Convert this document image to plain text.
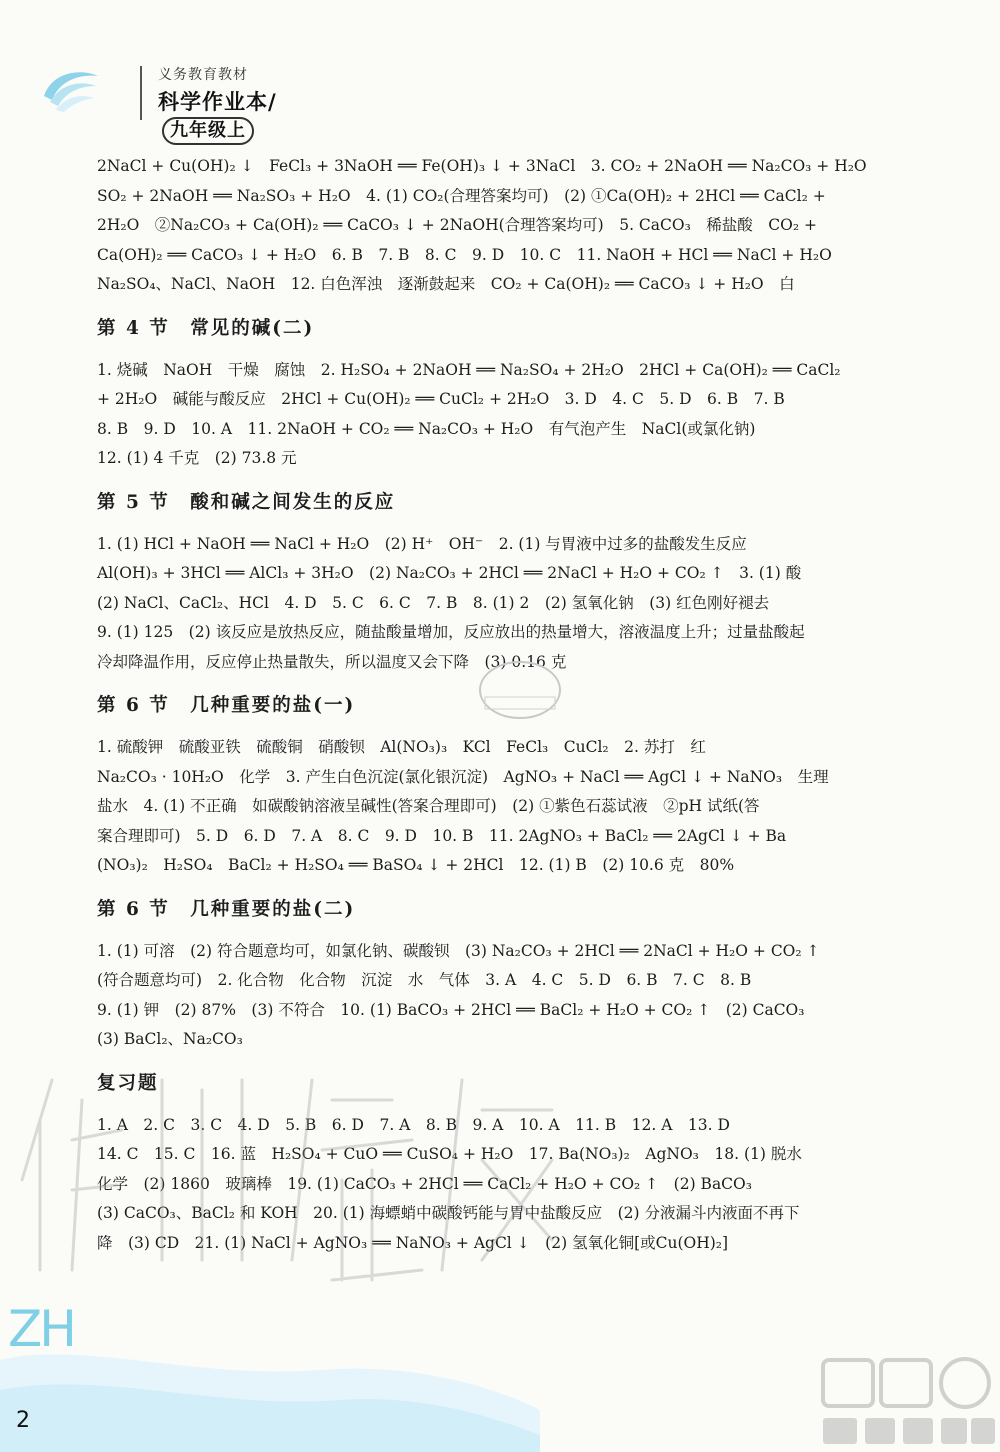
义务教育教材
科学作业本/九年级上
2NaCl + Cu(OH)₂ ↓　FeCl₃ + 3NaOH ══ Fe(OH)₃ ↓ + 3NaCl　3. CO₂ + 2NaOH ══ Na₂CO₃ + H₂O
SO₂ + 2NaOH ══ Na₂SO₃ + H₂O　4. (1) CO₂(合理答案均可)　(2) ①Ca(OH)₂ + 2HCl ══ CaCl₂ +
2H₂O　②Na₂CO₃ + Ca(OH)₂ ══ CaCO₃ ↓ + 2NaOH(合理答案均可)　5. CaCO₃　稀盐酸　CO₂ +
Ca(OH)₂ ══ CaCO₃ ↓ + H₂O　6. B　7. B　8. C　9. D　10. C　11. NaOH + HCl ══ NaCl + H₂O
Na₂SO₄、NaCl、NaOH　12. 白色浑浊　逐渐鼓起来　CO₂ + Ca(OH)₂ ══ CaCO₃ ↓ + H₂O　白
第 4 节　常见的碱(二)
1. 烧碱　NaOH　干燥　腐蚀　2. H₂SO₄ + 2NaOH ══ Na₂SO₄ + 2H₂O　2HCl + Ca(OH)₂ ══ CaCl₂
+ 2H₂O　碱能与酸反应　2HCl + Cu(OH)₂ ══ CuCl₂ + 2H₂O　3. D　4. C　5. D　6. B　7. B
8. B　9. D　10. A　11. 2NaOH + CO₂ ══ Na₂CO₃ + H₂O　有气泡产生　NaCl(或氯化钠)
12. (1) 4 千克　(2) 73.8 元
第 5 节　酸和碱之间发生的反应
1. (1) HCl + NaOH ══ NaCl + H₂O　(2) H⁺　OH⁻　2. (1) 与胃液中过多的盐酸发生反应
Al(OH)₃ + 3HCl ══ AlCl₃ + 3H₂O　(2) Na₂CO₃ + 2HCl ══ 2NaCl + H₂O + CO₂ ↑　3. (1) 酸
(2) NaCl、CaCl₂、HCl　4. D　5. C　6. C　7. B　8. (1) 2　(2) 氢氧化钠　(3) 红色刚好褪去
9. (1) 125　(2) 该反应是放热反应，随盐酸量增加，反应放出的热量增大，溶液温度上升；过量盐酸起
冷却降温作用，反应停止热量散失，所以温度又会下降　(3) 0.16 克
第 6 节　几种重要的盐(一)
1. 硫酸钾　硫酸亚铁　硫酸铜　硝酸钡　Al(NO₃)₃　KCl　FeCl₃　CuCl₂　2. 苏打　红
Na₂CO₃ · 10H₂O　化学　3. 产生白色沉淀(氯化银沉淀)　AgNO₃ + NaCl ══ AgCl ↓ + NaNO₃　生理
盐水　4. (1) 不正确　如碳酸钠溶液呈碱性(答案合理即可)　(2) ①紫色石蕊试液　②pH 试纸(答
案合理即可)　5. D　6. D　7. A　8. C　9. D　10. B　11. 2AgNO₃ + BaCl₂ ══ 2AgCl ↓ + Ba
(NO₃)₂　H₂SO₄　BaCl₂ + H₂SO₄ ══ BaSO₄ ↓ + 2HCl　12. (1) B　(2) 10.6 克　80%
第 6 节　几种重要的盐(二)
1. (1) 可溶　(2) 符合题意均可，如氯化钠、碳酸钡　(3) Na₂CO₃ + 2HCl ══ 2NaCl + H₂O + CO₂ ↑
(符合题意均可)　2. 化合物　化合物　沉淀　水　气体　3. A　4. C　5. D　6. B　7. C　8. B
9. (1) 钾　(2) 87%　(3) 不符合　10. (1) BaCO₃ + 2HCl ══ BaCl₂ + H₂O + CO₂ ↑　(2) CaCO₃
(3) BaCl₂、Na₂CO₃
复习题
1. A　2. C　3. C　4. D　5. B　6. D　7. A　8. B　9. A　10. A　11. B　12. A　13. D
14. C　15. C　16. 蓝　H₂SO₄ + CuO ══ CuSO₄ + H₂O　17. Ba(NO₃)₂　AgNO₃　18. (1) 脱水
化学　(2) 1860　玻璃棒　19. (1) CaCO₃ + 2HCl ══ CaCl₂ + H₂O + CO₂ ↑　(2) BaCO₃
(3) CaCO₃、BaCl₂ 和 KOH　20. (1) 海螵蛸中碳酸钙能与胃中盐酸反应　(2) 分液漏斗内液面不再下
降　(3) CD　21. (1) NaCl + AgNO₃ ══ NaNO₃ + AgCl ↓　(2) 氢氧化铜[或Cu(OH)₂]
ZH
2
